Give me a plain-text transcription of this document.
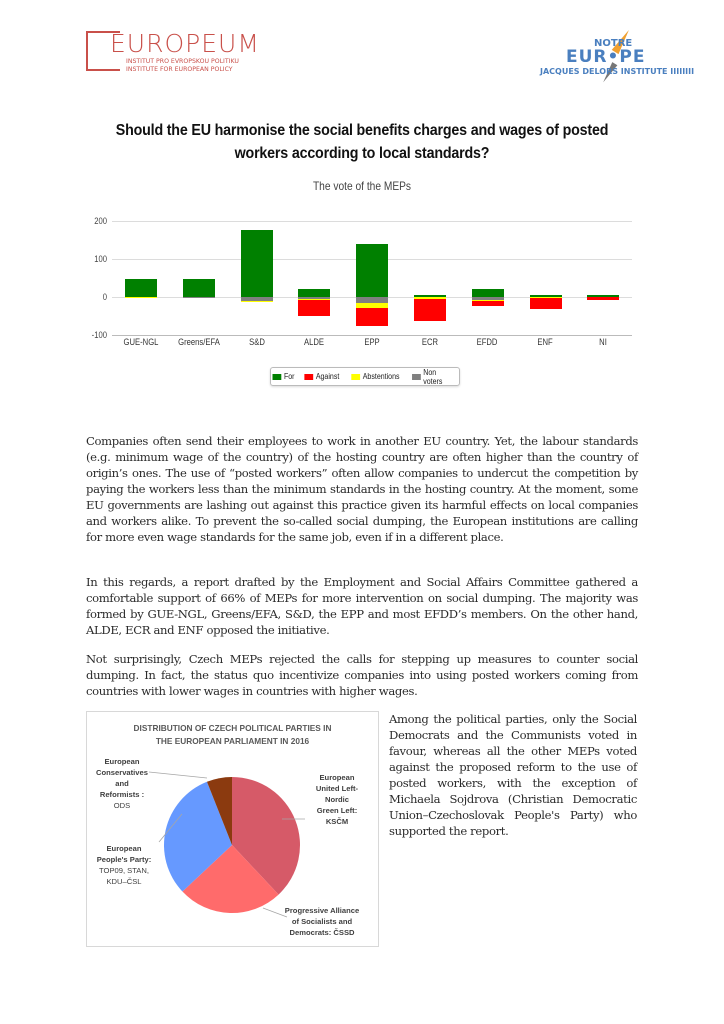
EUROPEUM
INSTITUT PRO EVROPSKOU POLITIKU
INSTITUTE FOR EUROPEAN POLICY
NOTRE
EUR•PE
JACQUES DELORS INSTITUTE IIIIIIII
Should the EU harmonise the social benefits charges and wages of posted workers according to local standards?
The vote of the MEPs
200
100
0
-100
GUE-NGL	Greens/EFA	S&D	ALDE	EPP	ECR	EFDD	ENF	NI
For	Against	Abstentions	Non voters
Companies often send their employees to work in another EU country. Yet, the labour standards (e.g. minimum wage of the country) of the hosting country are often higher than the country of origin’s ones. The use of “posted workers” often allow companies to undercut the competition by paying the workers less than the minimum standards in the hosting country. At the moment, some EU governments are lashing out against this practice given its harmful effects on local companies and workers alike. To prevent the so-called social dumping, the European institutions are calling for more even wage standards for the same job, even if in a different place.
In this regards, a report drafted by the Employment and Social Affairs Committee gathered a comfortable support of 66% of MEPs for more intervention on social dumping. The majority was formed by GUE-NGL, Greens/EFA, S&D, the EPP and most EFDD’s members. On the other hand, ALDE, ECR and ENF opposed the initiative.
Not surprisingly, Czech MEPs rejected the calls for stepping up measures to counter social dumping. In fact, the status quo incentivize companies into using posted workers coming from countries with lower wages in countries with higher wages.
DISTRIBUTION OF CZECH POLITICAL PARTIES IN
THE EUROPEAN PARLIAMENT IN 2016
European
Conservatives
and
Reformists :
ODS
European
United Left-
Nordic
Green Left:
KSČM
European
People's Party:
TOP09, STAN,
KDU–ČSL
Progressive Alliance
of Socialists and
Democrats: ČSSD
Among the political parties, only the Social Democrats and the Communists voted in favour, whereas all the other MEPs voted against the proposed reform to the use of posted workers, with the exception of Michaela Sojdrova (Christian Democratic Union–Czechoslovak People's Party) who supported the report.
